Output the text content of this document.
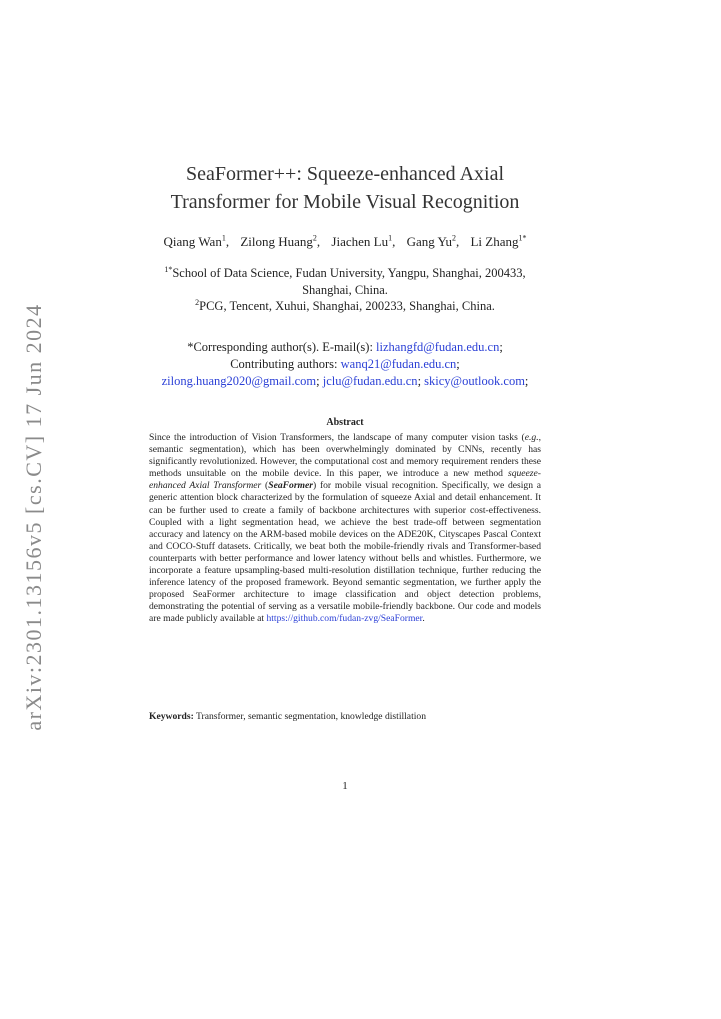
arXiv:2301.13156v5 [cs.CV] 17 Jun 2024
SeaFormer++: Squeeze-enhanced Axial
Transformer for Mobile Visual Recognition
Qiang Wan$^1$, Zilong Huang$^2$, Jiachen Lu$^1$, Gang Yu$^2$, Li Zhang$^{1*}$
$^{1*}$School of Data Science, Fudan University, Yangpu, Shanghai, 200433,
Shanghai, China.
$^2$PCG, Tencent, Xuhui, Shanghai, 200233, Shanghai, China.
*Corresponding author(s). E-mail(s): lizhangfd@fudan.edu.cn;
Contributing authors: wanq21@fudan.edu.cn;
zilong.huang2020@gmail.com; jclu@fudan.edu.cn; skicy@outlook.com;
Abstract
Since the introduction of Vision Transformers, the landscape of many computer vision tasks (e.g., semantic segmentation), which has been overwhelmingly dominated by CNNs, recently has significantly revolutionized. However, the computational cost and memory requirement renders these methods unsuitable on the mobile device. In this paper, we introduce a new method squeeze-enhanced Axial Transformer (SeaFormer) for mobile visual recognition. Specifically, we design a generic attention block characterized by the formulation of squeeze Axial and detail enhancement. It can be further used to create a family of backbone architectures with superior cost-effectiveness. Coupled with a light segmentation head, we achieve the best trade-off between segmentation accuracy and latency on the ARM-based mobile devices on the ADE20K, Cityscapes Pascal Context and COCO-Stuff datasets. Critically, we beat both the mobile-friendly rivals and Transformer-based counterparts with better performance and lower latency without bells and whistles. Furthermore, we incorporate a feature upsampling-based multi-resolution distillation technique, further reducing the inference latency of the proposed framework. Beyond semantic segmentation, we further apply the proposed SeaFormer architecture to image classification and object detection problems, demonstrating the potential of serving as a versatile mobile-friendly backbone. Our code and models are made publicly available at https://github.com/fudan-zvg/SeaFormer.
Keywords: Transformer, semantic segmentation, knowledge distillation
1
